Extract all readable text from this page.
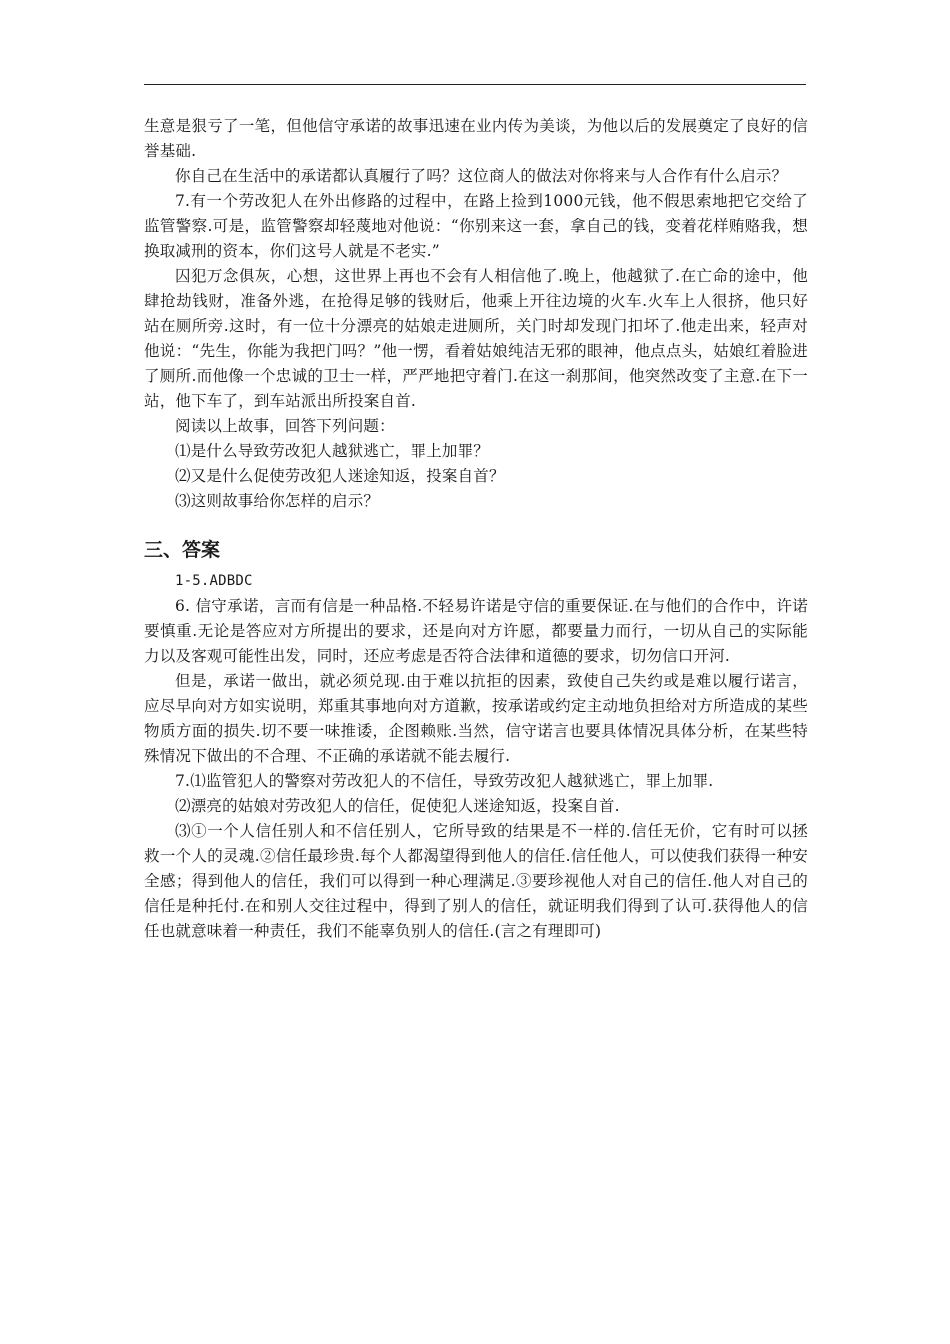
生意是狠亏了一笔，但他信守承诺的故事迅速在业内传为美谈，为他以后的发展奠定了良好的信誉基础.

你自己在生活中的承诺都认真履行了吗？这位商人的做法对你将来与人合作有什么启示？

7.有一个劳改犯人在外出修路的过程中，在路上捡到1000元钱，他不假思索地把它交给了监管警察.可是，监管警察却轻蔑地对他说：“你别来这一套，拿自己的钱，变着花样贿赂我，想换取减刑的资本，你们这号人就是不老实.”

囚犯万念俱灰，心想，这世界上再也不会有人相信他了.晚上，他越狱了.在亡命的途中，他肆抢劫钱财，准备外逃，在抢得足够的钱财后，他乘上开往边境的火车.火车上人很挤，他只好站在厕所旁.这时，有一位十分漂亮的姑娘走进厕所，关门时却发现门扣坏了.他走出来，轻声对他说：“先生，你能为我把门吗？”他一愣，看着姑娘纯洁无邪的眼神，他点点头，姑娘红着脸进了厕所.而他像一个忠诚的卫士一样，严严地把守着门.在这一刹那间，他突然改变了主意.在下一站，他下车了，到车站派出所投案自首.

阅读以上故事，回答下列问题：

⑴是什么导致劳改犯人越狱逃亡，罪上加罪？

⑵又是什么促使劳改犯人迷途知返，投案自首？

⑶这则故事给你怎样的启示？

三、答案

1-5.ADBDC

6. 信守承诺，言而有信是一种品格.不轻易许诺是守信的重要保证.在与他们的合作中，许诺要慎重.无论是答应对方所提出的要求，还是向对方许愿，都要量力而行，一切从自己的实际能力以及客观可能性出发，同时，还应考虑是否符合法律和道德的要求，切勿信口开河.

但是，承诺一做出，就必须兑现.由于难以抗拒的因素，致使自己失约或是难以履行诺言，应尽早向对方如实说明，郑重其事地向对方道歉，按承诺或约定主动地负担给对方所造成的某些物质方面的损失.切不要一味推诿，企图赖账.当然，信守诺言也要具体情况具体分析，在某些特殊情况下做出的不合理、不正确的承诺就不能去履行.

7.⑴监管犯人的警察对劳改犯人的不信任，导致劳改犯人越狱逃亡，罪上加罪.

⑵漂亮的姑娘对劳改犯人的信任，促使犯人迷途知返，投案自首.

⑶①一个人信任别人和不信任别人，它所导致的结果是不一样的.信任无价，它有时可以拯救一个人的灵魂.②信任最珍贵.每个人都渴望得到他人的信任.信任他人，可以使我们获得一种安全感；得到他人的信任，我们可以得到一种心理满足.③要珍视他人对自己的信任.他人对自己的信任是种托付.在和别人交往过程中，得到了别人的信任，就证明我们得到了认可.获得他人的信任也就意味着一种责任，我们不能辜负别人的信任.(言之有理即可)
